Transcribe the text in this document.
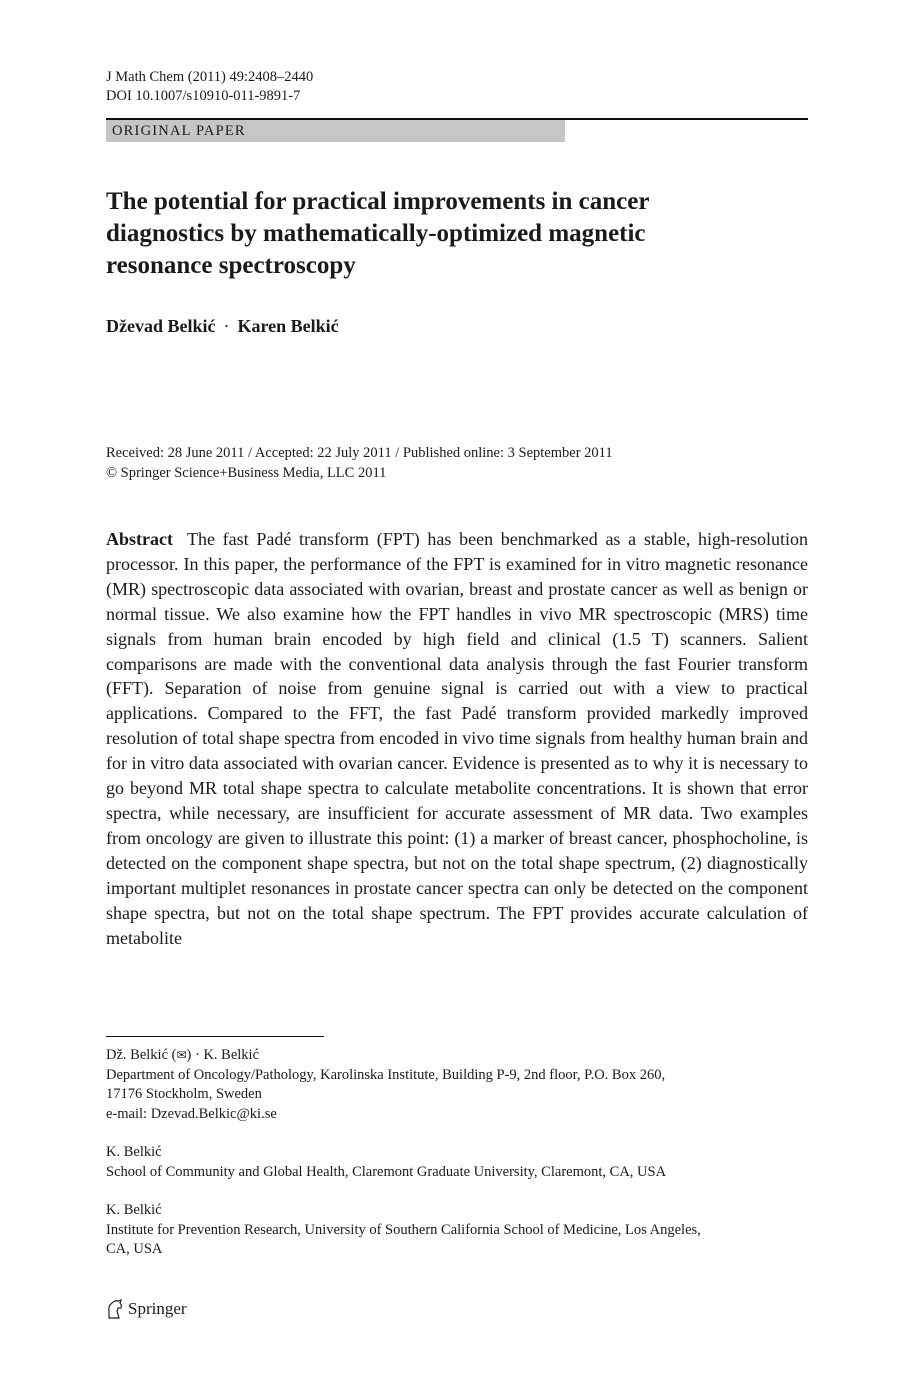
J Math Chem (2011) 49:2408–2440
DOI 10.1007/s10910-011-9891-7
ORIGINAL PAPER
The potential for practical improvements in cancer diagnostics by mathematically-optimized magnetic resonance spectroscopy
Dževad Belkić · Karen Belkić
Received: 28 June 2011 / Accepted: 22 July 2011 / Published online: 3 September 2011
© Springer Science+Business Media, LLC 2011

Abstract The fast Padé transform (FPT) has been benchmarked as a stable, high-resolution processor. In this paper, the performance of the FPT is examined for in vitro magnetic resonance (MR) spectroscopic data associated with ovarian, breast and prostate cancer as well as benign or normal tissue. We also examine how the FPT handles in vivo MR spectroscopic (MRS) time signals from human brain encoded by high field and clinical (1.5 T) scanners. Salient comparisons are made with the conventional data analysis through the fast Fourier transform (FFT). Separation of noise from genuine signal is carried out with a view to practical applications. Compared to the FFT, the fast Padé transform provided markedly improved resolution of total shape spectra from encoded in vivo time signals from healthy human brain and for in vitro data associated with ovarian cancer. Evidence is presented as to why it is necessary to go beyond MR total shape spectra to calculate metabolite concentrations. It is shown that error spectra, while necessary, are insufficient for accurate assessment of MR data. Two examples from oncology are given to illustrate this point: (1) a marker of breast cancer, phosphocholine, is detected on the component shape spectra, but not on the total shape spectrum, (2) diagnostically important multiplet resonances in prostate cancer spectra can only be detected on the component shape spectra, but not on the total shape spectrum. The FPT provides accurate calculation of metabolite

Dž. Belkić (✉) · K. Belkić
Department of Oncology/Pathology, Karolinska Institute, Building P-9, 2nd floor, P.O. Box 260,
17176 Stockholm, Sweden
e-mail: Dzevad.Belkic@ki.se
K. Belkić
School of Community and Global Health, Claremont Graduate University, Claremont, CA, USA
K. Belkić
Institute for Prevention Research, University of Southern California School of Medicine, Los Angeles,
CA, USA
Springer
